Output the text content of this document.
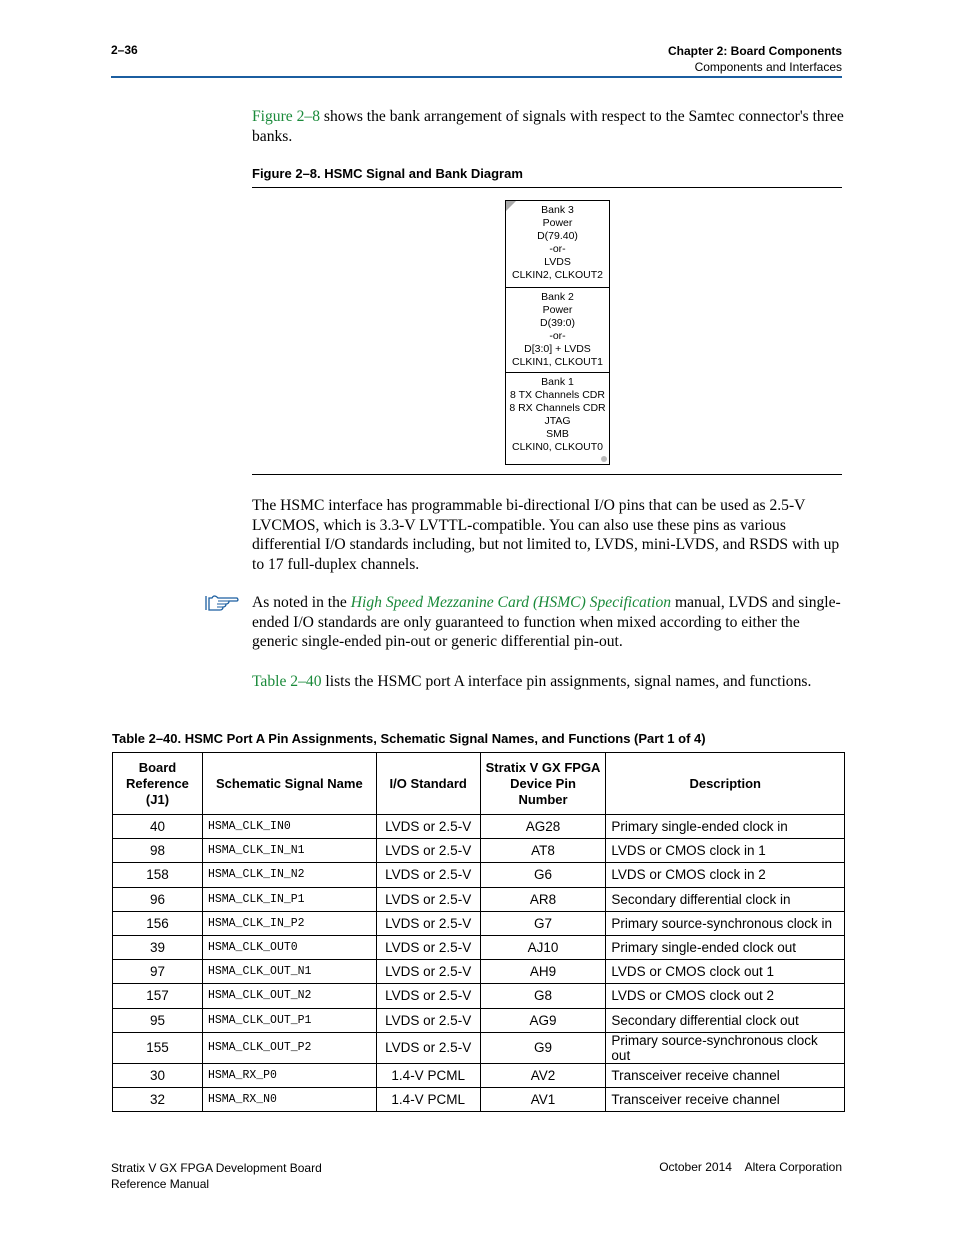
2–36	Chapter 2: Board Components
Components and Interfaces
Figure 2–8 shows the bank arrangement of signals with respect to the Samtec connector's three banks.
Figure 2–8. HSMC Signal and Bank Diagram
Bank 3
Power
D(79.40)
-or-
LVDS
CLKIN2, CLKOUT2
Bank 2
Power
D(39:0)
-or-
D[3:0] + LVDS
CLKIN1, CLKOUT1
Bank 1
8 TX Channels CDR
8 RX Channels CDR
JTAG
SMB
CLKIN0, CLKOUT0
The HSMC interface has programmable bi-directional I/O pins that can be used as 2.5-V LVCMOS, which is 3.3-V LVTTL-compatible. You can also use these pins as various differential I/O standards including, but not limited to, LVDS, mini-LVDS, and RSDS with up to 17 full-duplex channels.
As noted in the High Speed Mezzanine Card (HSMC) Specification manual, LVDS and single-ended I/O standards are only guaranteed to function when mixed according to either the generic single-ended pin-out or generic differential pin-out.
Table 2–40 lists the HSMC port A interface pin assignments, signal names, and functions.
Table 2–40. HSMC Port A Pin Assignments, Schematic Signal Names, and Functions (Part 1 of 4)
Board Reference (J1)	Schematic Signal Name	I/O Standard	Stratix V GX FPGA Device Pin Number	Description
40	HSMA_CLK_IN0	LVDS or 2.5-V	AG28	Primary single-ended clock in
98	HSMA_CLK_IN_N1	LVDS or 2.5-V	AT8	LVDS or CMOS clock in 1
158	HSMA_CLK_IN_N2	LVDS or 2.5-V	G6	LVDS or CMOS clock in 2
96	HSMA_CLK_IN_P1	LVDS or 2.5-V	AR8	Secondary differential clock in
156	HSMA_CLK_IN_P2	LVDS or 2.5-V	G7	Primary source-synchronous clock in
39	HSMA_CLK_OUT0	LVDS or 2.5-V	AJ10	Primary single-ended clock out
97	HSMA_CLK_OUT_N1	LVDS or 2.5-V	AH9	LVDS or CMOS clock out 1
157	HSMA_CLK_OUT_N2	LVDS or 2.5-V	G8	LVDS or CMOS clock out 2
95	HSMA_CLK_OUT_P1	LVDS or 2.5-V	AG9	Secondary differential clock out
155	HSMA_CLK_OUT_P2	LVDS or 2.5-V	G9	Primary source-synchronous clock out
30	HSMA_RX_P0	1.4-V PCML	AV2	Transceiver receive channel
32	HSMA_RX_N0	1.4-V PCML	AV1	Transceiver receive channel
Stratix V GX FPGA Development Board
Reference Manual
October 2014    Altera Corporation
